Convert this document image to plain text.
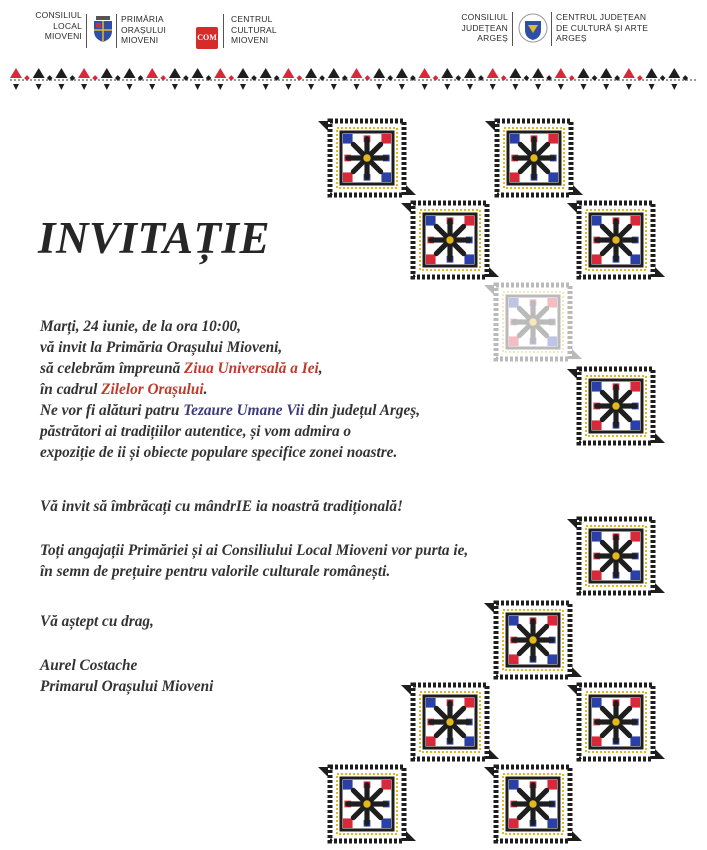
CONSILIUL
LOCAL
MIOVENI
PRIMĂRIA
ORAȘULUI
MIOVENI	COM
CENTRUL
CULTURAL
MIOVENI
CONSILIUL
JUDEȚEAN
ARGEȘ
CENTRUL JUDEȚEAN
DE CULTURĂ ȘI ARTE
ARGEȘ
INVITAȚIE
Marți, 24 iunie, de la ora 10:00,
vă invit la Primăria Orașului Mioveni,
să celebrăm împreună Ziua Universală a Iei,
în cadrul Zilelor Orașului.
Ne vor fi alături patru Tezaure Umane Vii din județul Argeș,
păstrători ai tradițiilor autentice, și vom admira o
expoziție de ii și obiecte populare specifice zonei noastre.
Vă invit să îmbrăcați cu mândrIE ia noastră tradițională!
Toți angajații Primăriei și ai Consiliului Local Mioveni vor purta ie,
în semn de prețuire pentru valorile culturale românești.
Vă aștept cu drag,
Aurel Costache
Primarul Orașului Mioveni
